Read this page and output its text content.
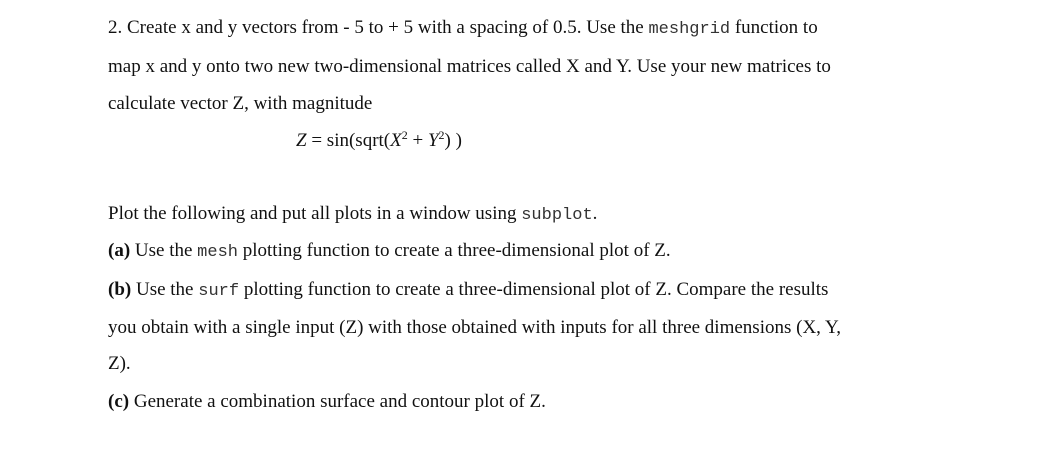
2. Create x and y vectors from - 5 to + 5 with a spacing of 0.5. Use the meshgrid function to
map x and y onto two new two-dimensional matrices called X and Y. Use your new matrices to
calculate vector Z, with magnitude
$Z = \sin(sqrt(X^2 + Y^2)$ )
Plot the following and put all plots in a window using subplot.
(a) Use the mesh plotting function to create a three-dimensional plot of Z.
(b) Use the surf plotting function to create a three-dimensional plot of Z. Compare the results
you obtain with a single input (Z) with those obtained with inputs for all three dimensions (X, Y,
Z).
(c) Generate a combination surface and contour plot of Z.
